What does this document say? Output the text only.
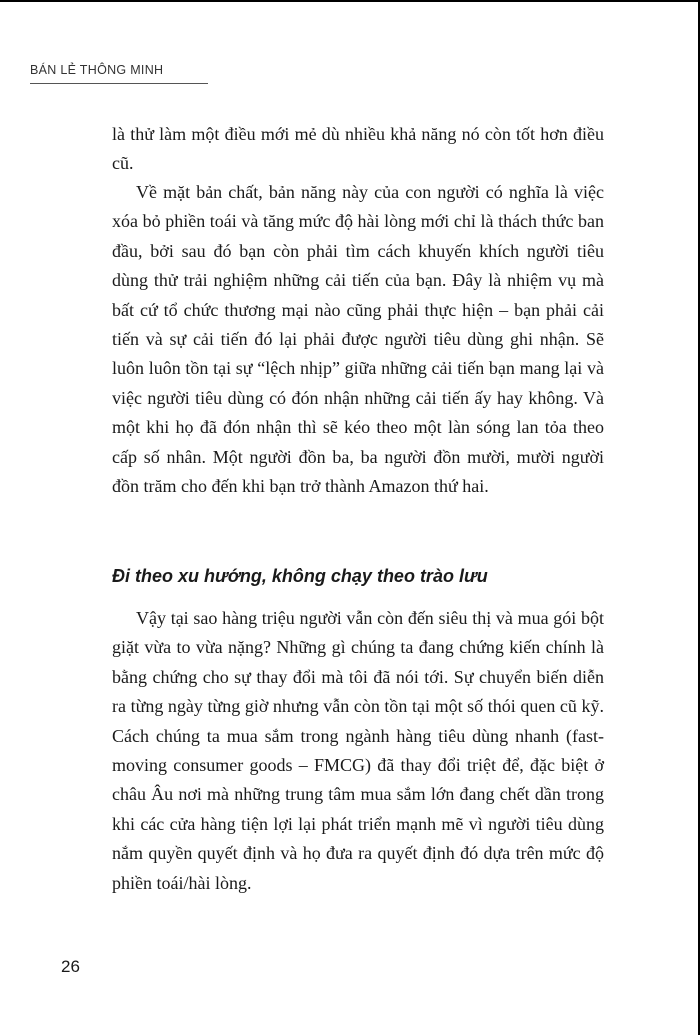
BÁN LẺ THÔNG MINH

là thử làm một điều mới mẻ dù nhiều khả năng nó còn tốt hơn điều cũ.

Về mặt bản chất, bản năng này của con người có nghĩa là việc xóa bỏ phiền toái và tăng mức độ hài lòng mới chỉ là thách thức ban đầu, bởi sau đó bạn còn phải tìm cách khuyến khích người tiêu dùng thử trải nghiệm những cải tiến của bạn. Đây là nhiệm vụ mà bất cứ tổ chức thương mại nào cũng phải thực hiện – bạn phải cải tiến và sự cải tiến đó lại phải được người tiêu dùng ghi nhận. Sẽ luôn luôn tồn tại sự “lệch nhịp” giữa những cải tiến bạn mang lại và việc người tiêu dùng có đón nhận những cải tiến ấy hay không. Và một khi họ đã đón nhận thì sẽ kéo theo một làn sóng lan tỏa theo cấp số nhân. Một người đồn ba, ba người đồn mười, mười người đồn trăm cho đến khi bạn trở thành Amazon thứ hai.

Đi theo xu hướng, không chạy theo trào lưu

Vậy tại sao hàng triệu người vẫn còn đến siêu thị và mua gói bột giặt vừa to vừa nặng? Những gì chúng ta đang chứng kiến chính là bằng chứng cho sự thay đổi mà tôi đã nói tới. Sự chuyển biến diễn ra từng ngày từng giờ nhưng vẫn còn tồn tại một số thói quen cũ kỹ. Cách chúng ta mua sắm trong ngành hàng tiêu dùng nhanh (fast-moving consumer goods – FMCG) đã thay đổi triệt để, đặc biệt ở châu Âu nơi mà những trung tâm mua sắm lớn đang chết dần trong khi các cửa hàng tiện lợi lại phát triển mạnh mẽ vì người tiêu dùng nắm quyền quyết định và họ đưa ra quyết định đó dựa trên mức độ phiền toái/hài lòng.

26
